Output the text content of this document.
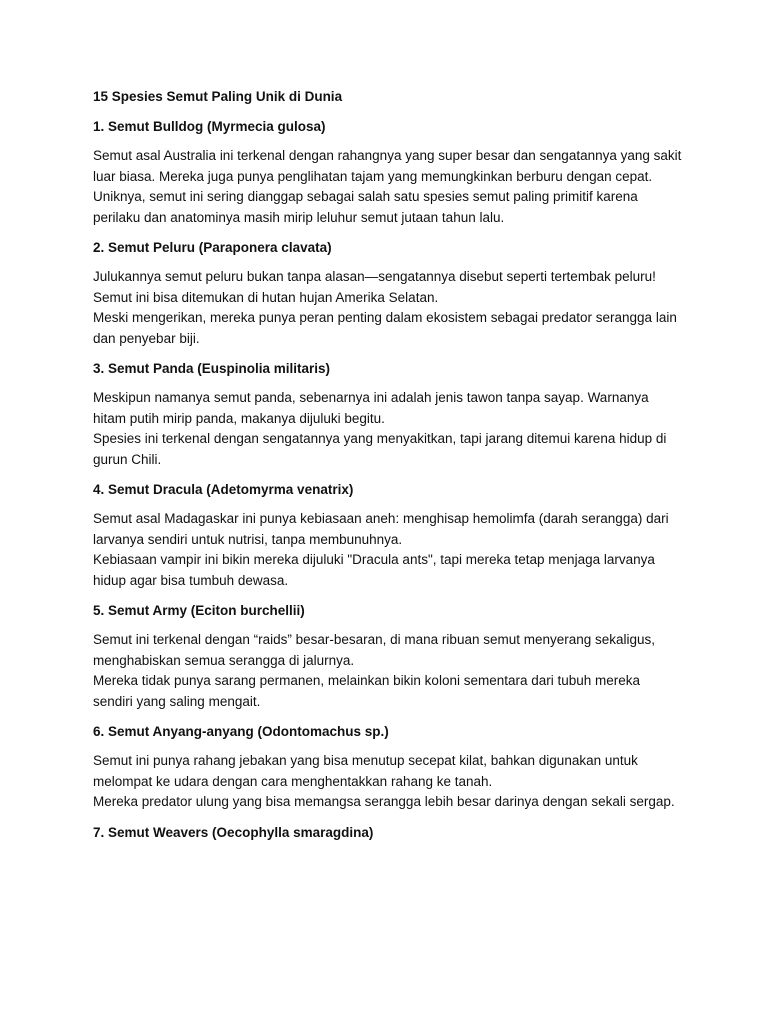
15 Spesies Semut Paling Unik di Dunia
1. Semut Bulldog (Myrmecia gulosa)

Semut asal Australia ini terkenal dengan rahangnya yang super besar dan sengatannya yang sakit luar biasa. Mereka juga punya penglihatan tajam yang memungkinkan berburu dengan cepat.

Uniknya, semut ini sering dianggap sebagai salah satu spesies semut paling primitif karena perilaku dan anatominya masih mirip leluhur semut jutaan tahun lalu.

2. Semut Peluru (Paraponera clavata)

Julukannya semut peluru bukan tanpa alasan—sengatannya disebut seperti tertembak peluru! Semut ini bisa ditemukan di hutan hujan Amerika Selatan.

Meski mengerikan, mereka punya peran penting dalam ekosistem sebagai predator serangga lain dan penyebar biji.

3. Semut Panda (Euspinolia militaris)

Meskipun namanya semut panda, sebenarnya ini adalah jenis tawon tanpa sayap. Warnanya hitam putih mirip panda, makanya dijuluki begitu.

Spesies ini terkenal dengan sengatannya yang menyakitkan, tapi jarang ditemui karena hidup di gurun Chili.

4. Semut Dracula (Adetomyrma venatrix)

Semut asal Madagaskar ini punya kebiasaan aneh: menghisap hemolimfa (darah serangga) dari larvanya sendiri untuk nutrisi, tanpa membunuhnya.

Kebiasaan vampir ini bikin mereka dijuluki "Dracula ants", tapi mereka tetap menjaga larvanya hidup agar bisa tumbuh dewasa.

5. Semut Army (Eciton burchellii)

Semut ini terkenal dengan “raids” besar-besaran, di mana ribuan semut menyerang sekaligus, menghabiskan semua serangga di jalurnya.

Mereka tidak punya sarang permanen, melainkan bikin koloni sementara dari tubuh mereka sendiri yang saling mengait.

6. Semut Anyang-anyang (Odontomachus sp.)

Semut ini punya rahang jebakan yang bisa menutup secepat kilat, bahkan digunakan untuk melompat ke udara dengan cara menghentakkan rahang ke tanah.

Mereka predator ulung yang bisa memangsa serangga lebih besar darinya dengan sekali sergap.

7. Semut Weavers (Oecophylla smaragdina)
